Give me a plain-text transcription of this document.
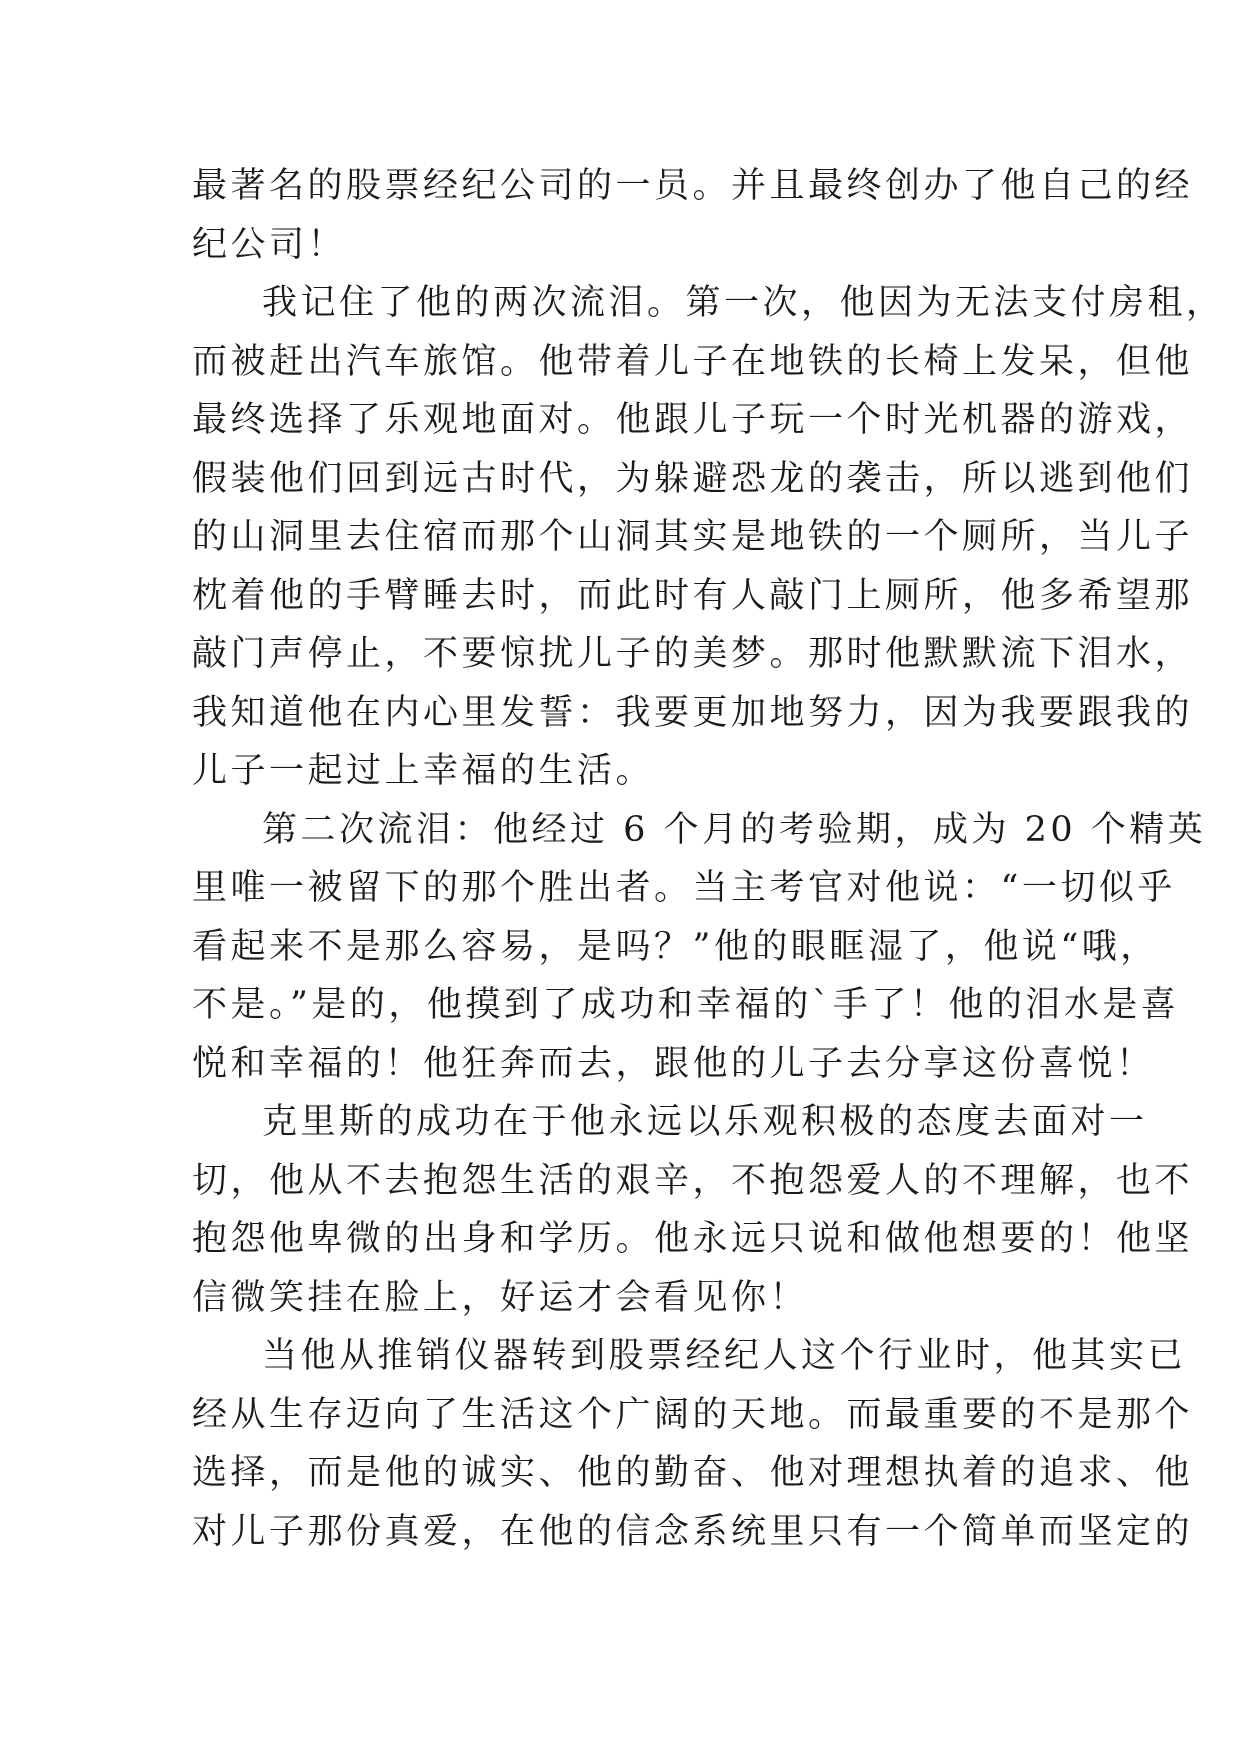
最著名的股票经纪公司的一员。并且最终创办了他自己的经
纪公司！
我记住了他的两次流泪。第一次，他因为无法支付房租，
而被赶出汽车旅馆。他带着儿子在地铁的长椅上发呆，但他
最终选择了乐观地面对。他跟儿子玩一个时光机器的游戏，
假装他们回到远古时代，为躲避恐龙的袭击，所以逃到他们
的山洞里去住宿而那个山洞其实是地铁的一个厕所，当儿子
枕着他的手臂睡去时，而此时有人敲门上厕所，他多希望那
敲门声停止，不要惊扰儿子的美梦。那时他默默流下泪水，
我知道他在内心里发誓：我要更加地努力，因为我要跟我的
儿子一起过上幸福的生活。
第二次流泪：他经过 6 个月的考验期，成为 20 个精英
里唯一被留下的那个胜出者。当主考官对他说：“一切似乎
看起来不是那么容易，是吗？”他的眼眶湿了，他说“哦，
不是。”是的，他摸到了成功和幸福的`手了！他的泪水是喜
悦和幸福的！他狂奔而去，跟他的儿子去分享这份喜悦！
克里斯的成功在于他永远以乐观积极的态度去面对一
切，他从不去抱怨生活的艰辛，不抱怨爱人的不理解，也不
抱怨他卑微的出身和学历。他永远只说和做他想要的！他坚
信微笑挂在脸上，好运才会看见你！
当他从推销仪器转到股票经纪人这个行业时，他其实已
经从生存迈向了生活这个广阔的天地。而最重要的不是那个
选择，而是他的诚实、他的勤奋、他对理想执着的追求、他
对儿子那份真爱，在他的信念系统里只有一个简单而坚定的
